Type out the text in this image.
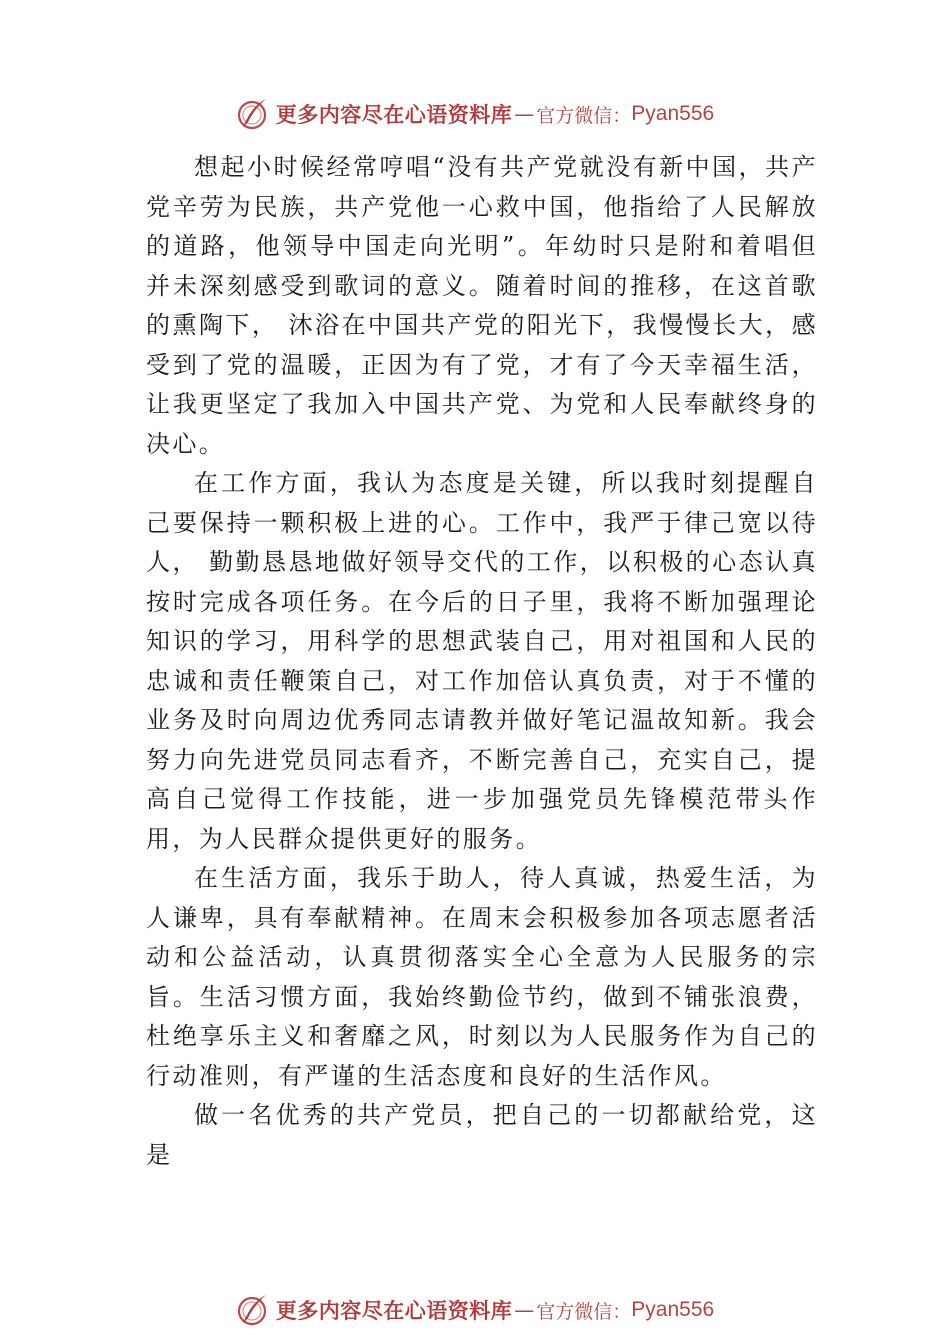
更多内容尽在心语资料库 — 官方微信： Pyan556

想起小时候经常哼唱“没有共产党就没有新中国，共产党辛劳为民族，共产党他一心救中国，他指给了人民解放的道路，他领导中国走向光明”。年幼时只是附和着唱但并未深刻感受到歌词的意义。随着时间的推移，在这首歌的熏陶下， 沐浴在中国共产党的阳光下，我慢慢长大，感受到了党的温暖，正因为有了党，才有了今天幸福生活，让我更坚定了我加入中国共产党、为党和人民奉献终身的决心。

在工作方面，我认为态度是关键，所以我时刻提醒自己要保持一颗积极上进的心。工作中，我严于律己宽以待人， 勤勤恳恳地做好领导交代的工作，以积极的心态认真按时完成各项任务。在今后的日子里，我将不断加强理论知识的学习，用科学的思想武装自己，用对祖国和人民的忠诚和责任鞭策自己，对工作加倍认真负责，对于不懂的业务及时向周边优秀同志请教并做好笔记温故知新。我会努力向先进党员同志看齐，不断完善自己，充实自己，提高自己觉得工作技能，进一步加强党员先锋模范带头作用，为人民群众提供更好的服务。

在生活方面，我乐于助人，待人真诚，热爱生活，为人谦卑，具有奉献精神。在周末会积极参加各项志愿者活动和公益活动，认真贯彻落实全心全意为人民服务的宗旨。生活习惯方面，我始终勤俭节约，做到不铺张浪费，杜绝享乐主义和奢靡之风，时刻以为人民服务作为自己的行动准则，有严谨的生活态度和良好的生活作风。

做一名优秀的共产党员，把自己的一切都献给党，这是

更多内容尽在心语资料库 — 官方微信： Pyan556
